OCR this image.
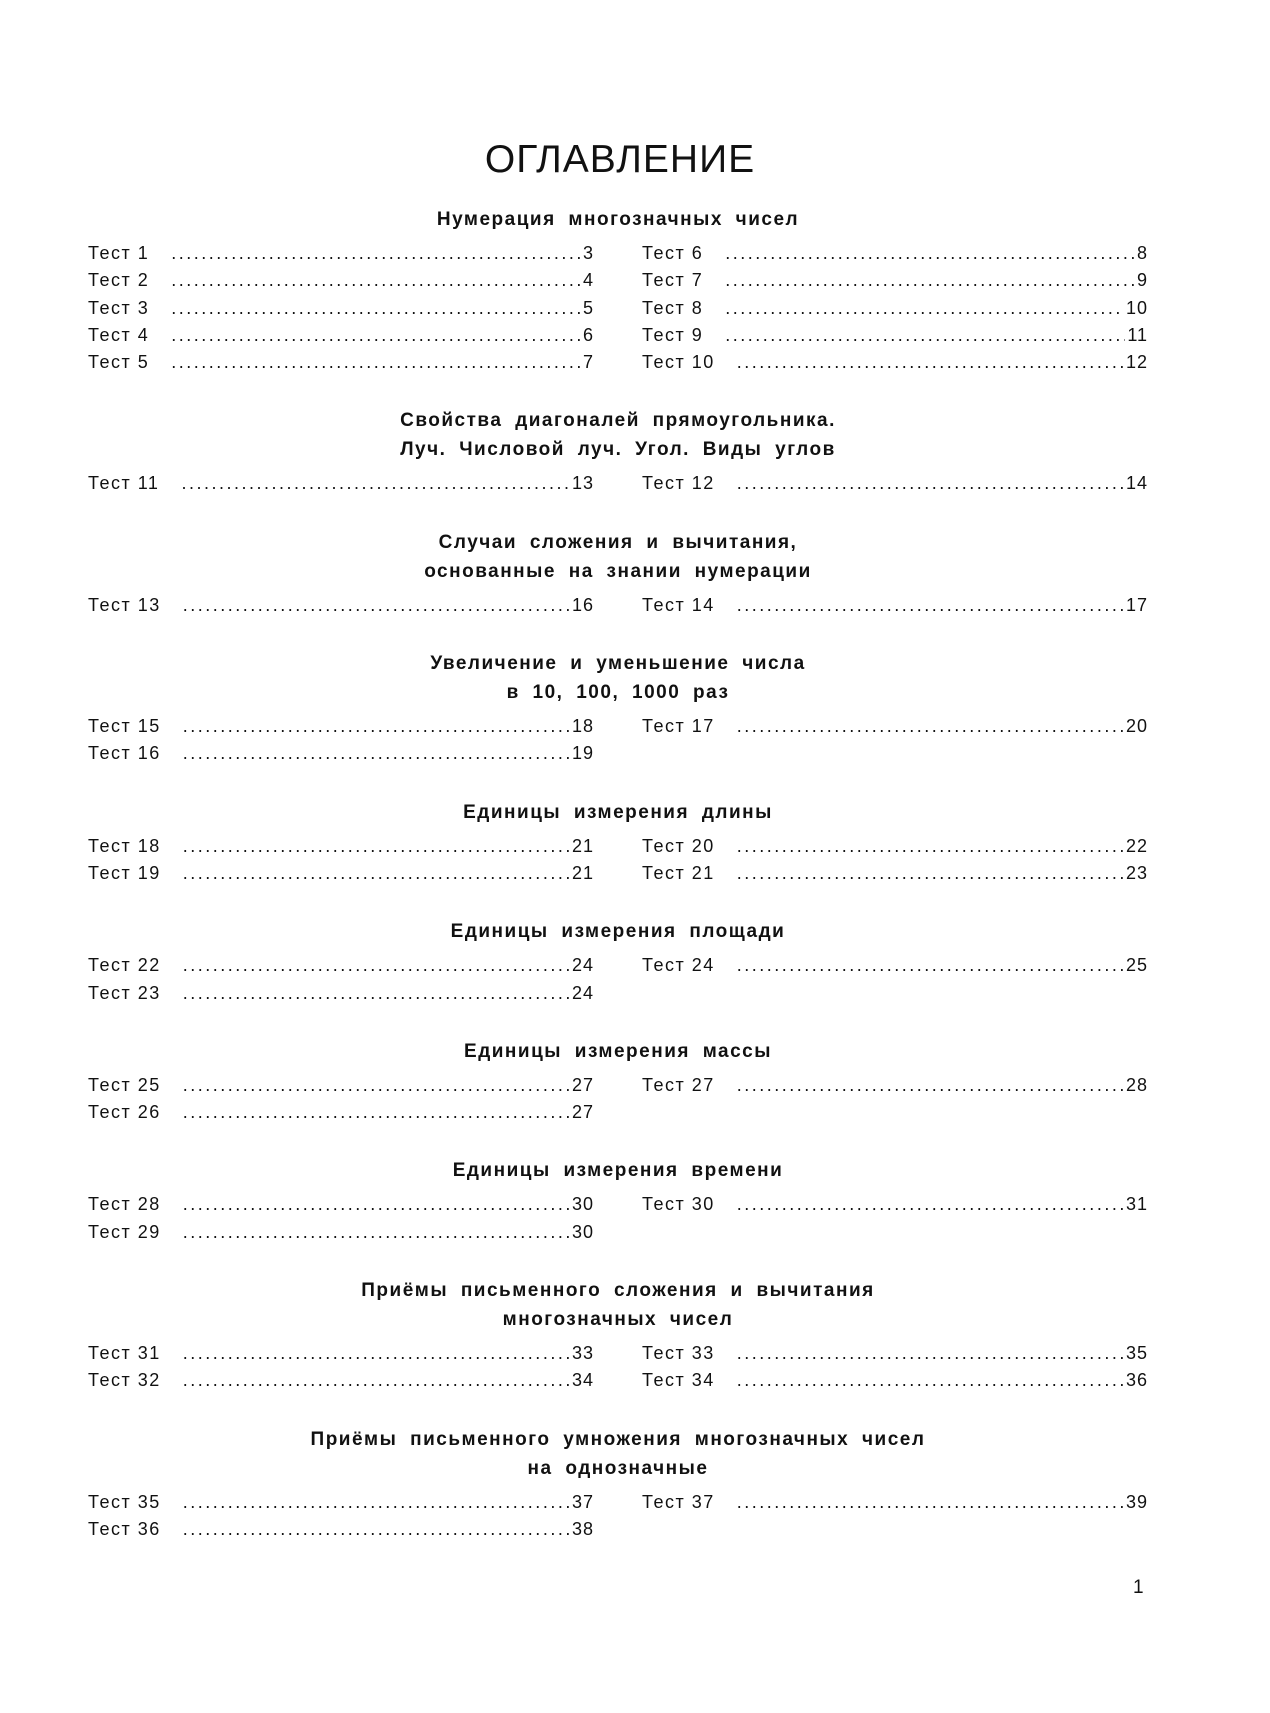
ОГЛАВЛЕНИЕ
Нумерация многозначных чисел
Тест 1 .....	3
Тест 2 .....	4
Тест 3 .....	5
Тест 4 .....	6
Тест 5 .....	7
Тест 6 .....	8
Тест 7 .....	9
Тест 8 .....	10
Тест 9 .....	11
Тест 10 .....	12
Свойства диагоналей прямоугольника.
Луч. Числовой луч. Угол. Виды углов
Тест 11 .....	13	Тест 12 .....	14
Случаи сложения и вычитания,
основанные на знании нумерации
Тест 13 .....	16	Тест 14 .....	17
Увеличение и уменьшение числа
в 10, 100, 1000 раз
Тест 15 .....	18
Тест 16 .....	19
Тест 17 .....	20
Единицы измерения длины
Тест 18 .....	21
Тест 19 .....	21
Тест 20 .....	22
Тест 21 .....	23
Единицы измерения площади
Тест 22 .....	24
Тест 23 .....	24
Тест 24 .....	25
Единицы измерения массы
Тест 25 .....	27
Тест 26 .....	27
Тест 27 .....	28
Единицы измерения времени
Тест 28 .....	30
Тест 29 .....	30
Тест 30 .....	31
Приёмы письменного сложения и вычитания
многозначных чисел
Тест 31 .....	33
Тест 32 .....	34
Тест 33 .....	35
Тест 34 .....	36
Приёмы письменного умножения многозначных чисел
на однозначные
Тест 35 .....	37
Тест 36 .....	38
Тест 37 .....	39
1
